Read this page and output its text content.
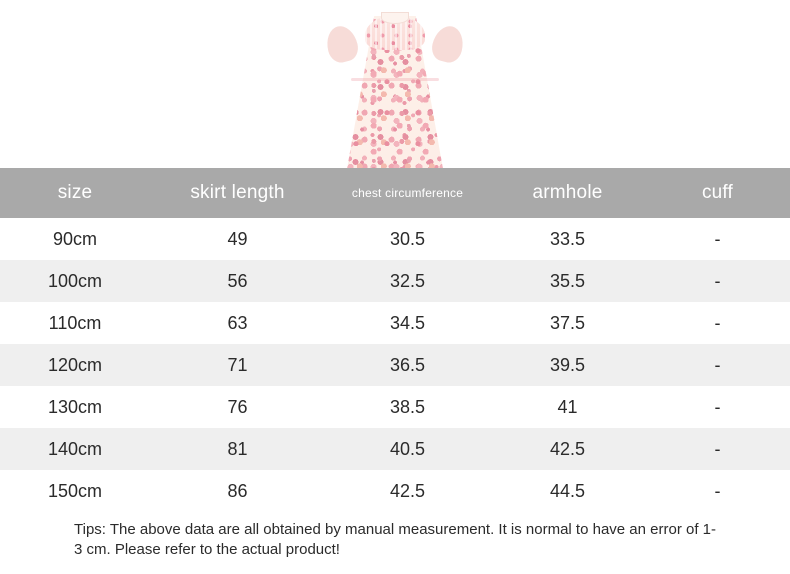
size	skirt length	chest circumference	armhole	cuff
90cm	49	30.5	33.5	-
100cm	56	32.5	35.5	-
110cm	63	34.5	37.5	-
120cm	71	36.5	39.5	-
130cm	76	38.5	41	-
140cm	81	40.5	42.5	-
150cm	86	42.5	44.5	-
Tips: The above data are all obtained by manual measurement. It is normal to have an error of 1-3 cm. Please refer to the actual product!
